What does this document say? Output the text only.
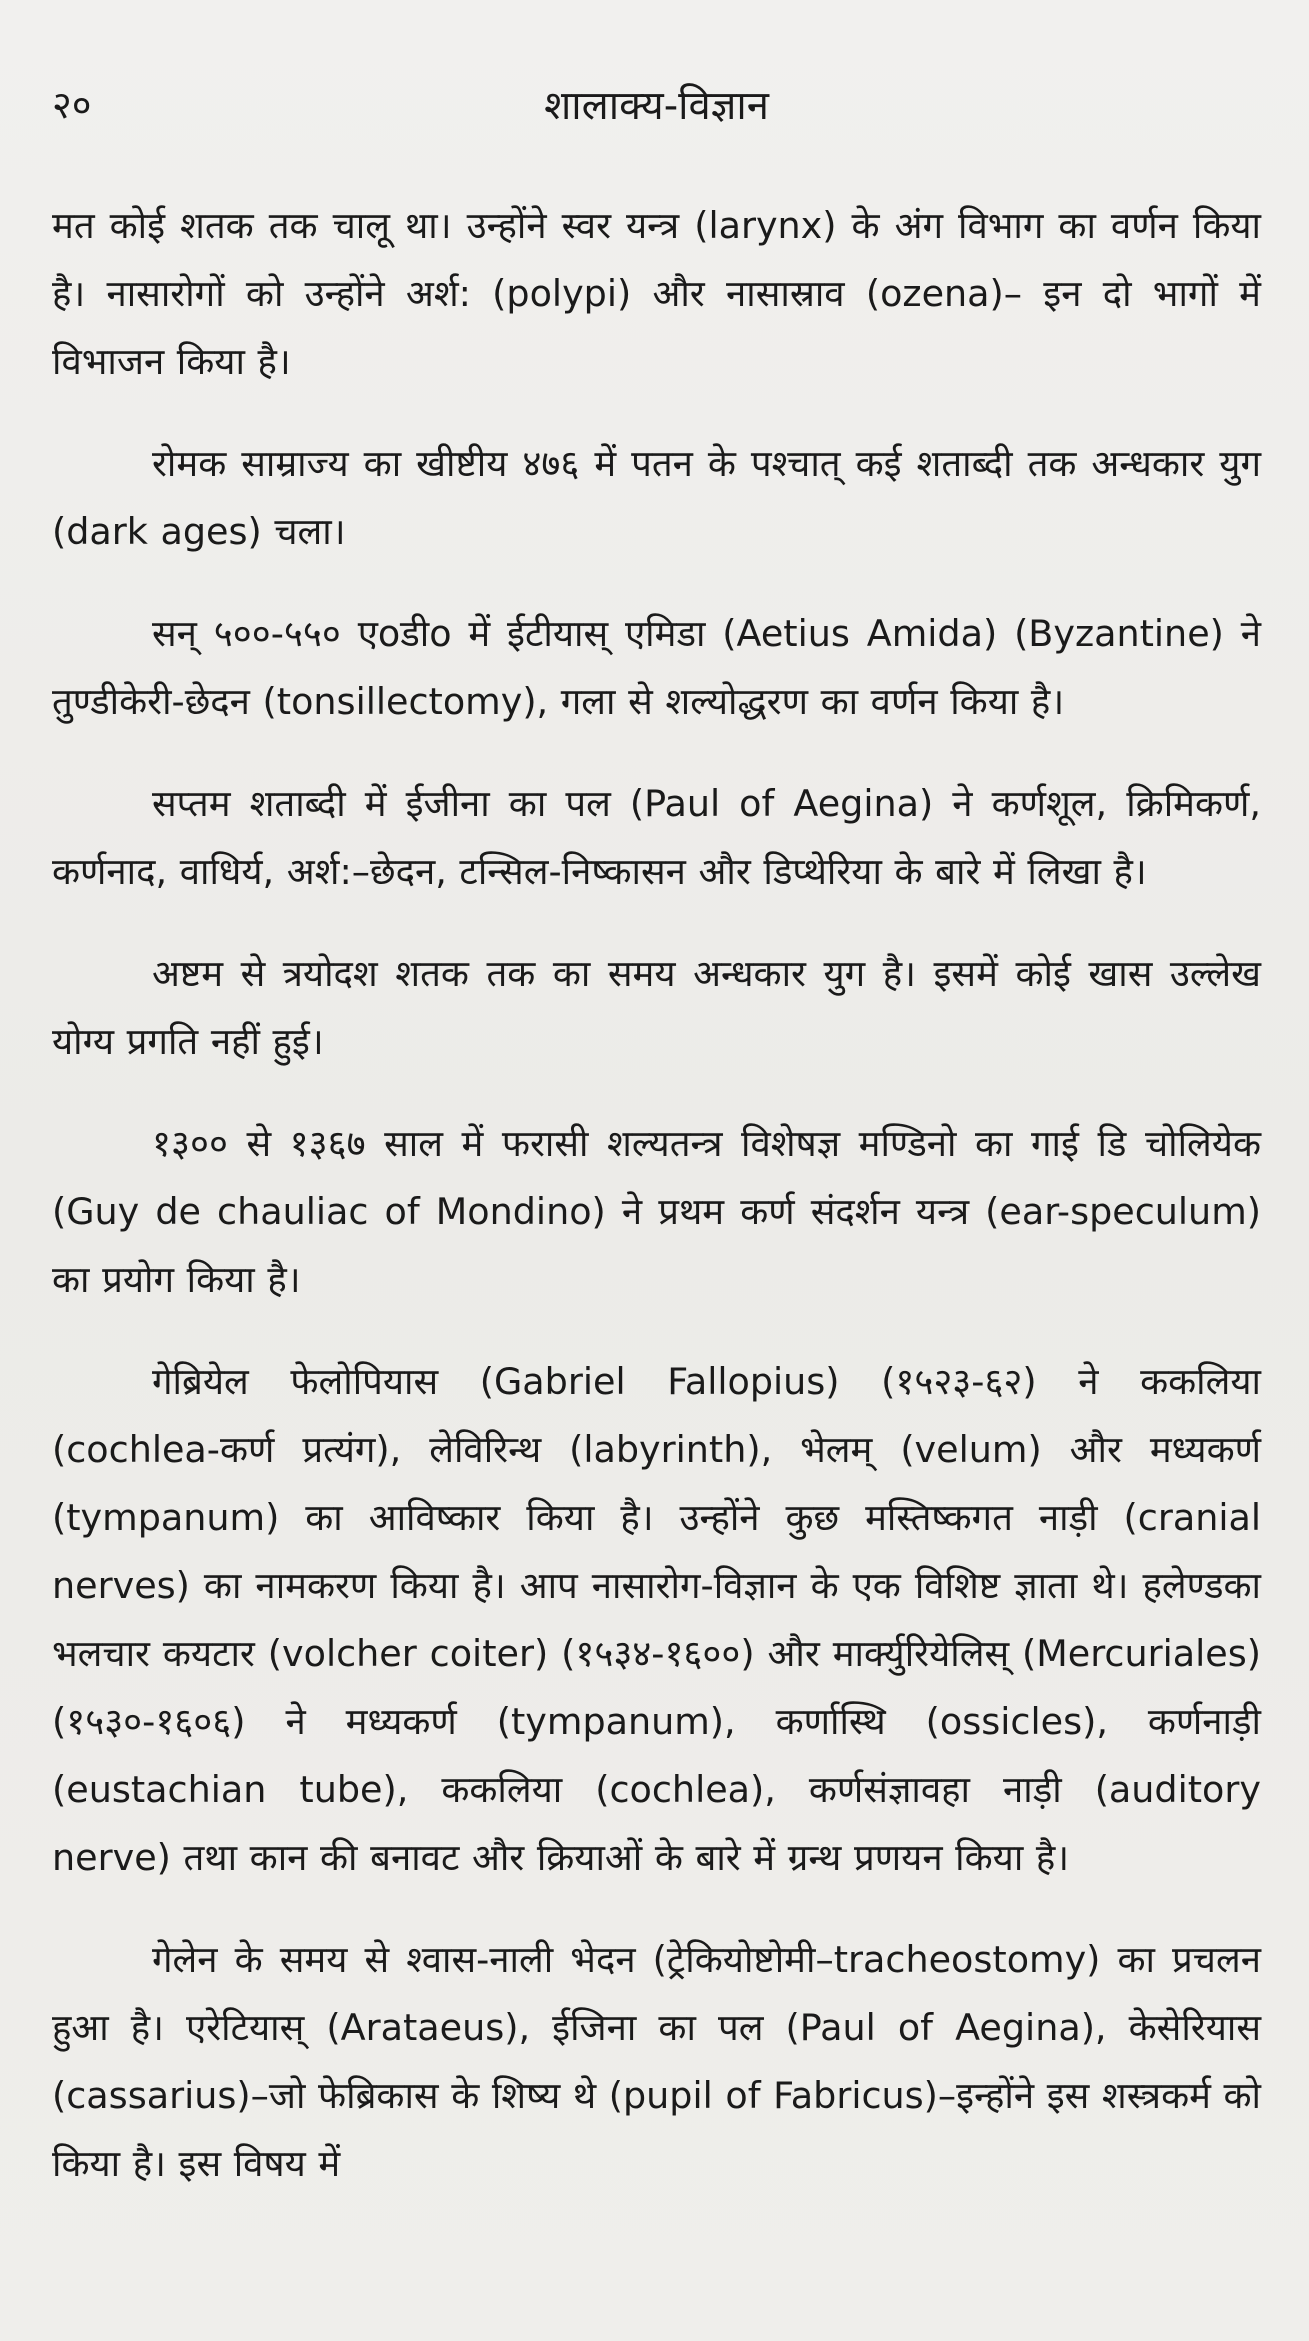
२०	शालाक्य-विज्ञान

मत कोई शतक तक चालू था। उन्होंने स्वर यन्त्र (larynx) के अंग विभाग का वर्णन किया है। नासारोगों को उन्होंने अर्श: (polypi) और नासास्राव (ozena)– इन दो भागों में विभाजन किया है।

रोमक साम्राज्य का खीष्टीय ४७६ में पतन के पश्चात् कई शताब्दी तक अन्धकार युग (dark ages) चला।

सन् ५००-५५० एoडीo में ईटीयास् एमिडा (Aetius Amida) (Byzantine) ने तुण्डीकेरी-छेदन (tonsillectomy), गला से शल्योद्धरण का वर्णन किया है।

सप्तम शताब्दी में ईजीना का पल (Paul of Aegina) ने कर्णशूल, क्रिमिकर्ण, कर्णनाद, वाधिर्य, अर्श:–छेदन, टन्सिल-निष्कासन और डिप्थेरिया के बारे में लिखा है।

अष्टम से त्रयोदश शतक तक का समय अन्धकार युग है। इसमें कोई खास उल्लेख योग्य प्रगति नहीं हुई।

१३०० से १३६७ साल में फरासी शल्यतन्त्र विशेषज्ञ मण्डिनो का गाई डि चोलियेक (Guy de chauliac of Mondino) ने प्रथम कर्ण संदर्शन यन्त्र (ear-speculum) का प्रयोग किया है।

गेब्रियेल फेलोपियास (Gabriel Fallopius) (१५२३-६२) ने ककलिया (cochlea-कर्ण प्रत्यंग), लेविरिन्थ (labyrinth), भेलम् (velum) और मध्यकर्ण (tympanum) का आविष्कार किया है। उन्होंने कुछ मस्तिष्कगत नाड़ी (cranial nerves) का नामकरण किया है। आप नासारोग-विज्ञान के एक विशिष्ट ज्ञाता थे। हलेण्डका भलचार कयटार (volcher coiter) (१५३४-१६००) और मार्क्युरियेलिस् (Mercuriales) (१५३०-१६०६) ने मध्यकर्ण (tympanum), कर्णास्थि (ossicles), कर्णनाड़ी (eustachian tube), ककलिया (cochlea), कर्णसंज्ञावहा नाड़ी (auditory nerve) तथा कान की बनावट और क्रियाओं के बारे में ग्रन्थ प्रणयन किया है।

गेलेन के समय से श्वास-नाली भेदन (ट्रेकियोष्टोमी–tracheostomy) का प्रचलन हुआ है। एरेटियास् (Arataeus), ईजिना का पल (Paul of Aegina), केसेरियास (cassarius)–जो फेब्रिकास के शिष्य थे (pupil of Fabricus)–इन्होंने इस शस्त्रकर्म को किया है। इस विषय में
